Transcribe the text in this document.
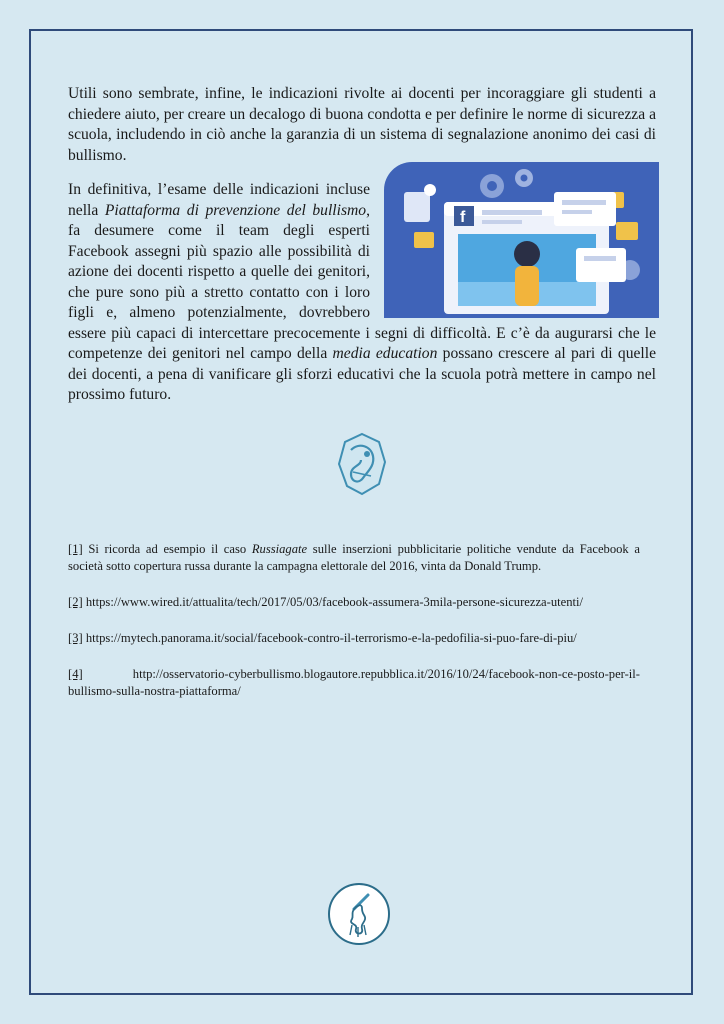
Utili sono sembrate, infine, le indicazioni rivolte ai docenti per incoraggiare gli studenti a chiedere aiuto, per creare un decalogo di buona condotta e per definire le norme di sicurezza a scuola, includendo in ciò anche la garanzia di un sistema di segnalazione anonimo dei casi di bullismo.

f

In definitiva, l’esame delle indicazioni incluse nella Piattaforma di prevenzione del bullismo, fa desumere come il team degli esperti Facebook assegni più spazio alle possibilità di azione dei docenti rispetto a quelle dei genitori, che pure sono più a stretto contatto con i loro figli e, almeno potenzialmente, dovrebbero essere più capaci di intercettare precocemente i segni di difficoltà. E c’è da augurarsi che le competenze dei genitori nel campo della media education possano crescere al pari di quelle dei docenti, a pena di vanificare gli sforzi educativi che la scuola potrà mettere in campo nel prossimo futuro.

[1] Si ricorda ad esempio il caso Russiagate sulle inserzioni pubblicitarie politiche vendute da Facebook a società sotto copertura russa durante la campagna elettorale del 2016, vinta da Donald Trump.

[2] https://www.wired.it/attualita/tech/2017/05/03/facebook-assumera-3mila-persone-sicurezza-utenti/

[3] https://mytech.panorama.it/social/facebook-contro-il-terrorismo-e-la-pedofilia-si-puo-fare-di-piu/

[4] http://osservatorio-cyberbullismo.blogautore.repubblica.it/2016/10/24/facebook-non-ce-posto-per-il-bullismo-sulla-nostra-piattaforma/
